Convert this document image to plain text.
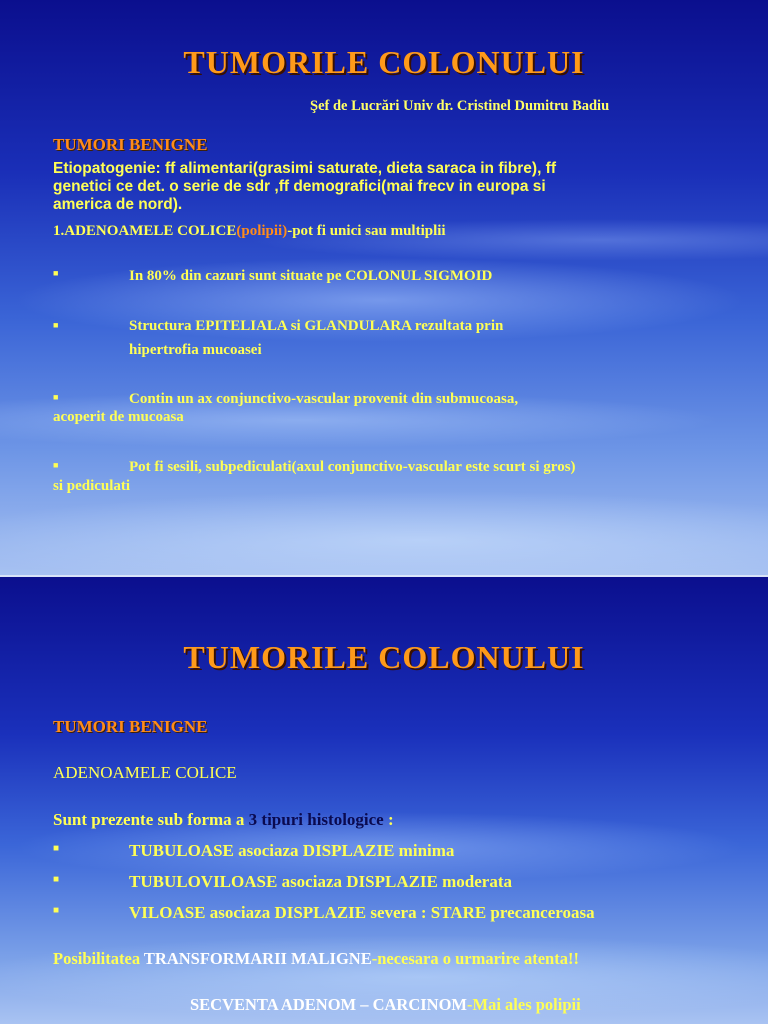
TUMORILE COLONULUI
Şef de Lucrări Univ dr. Cristinel Dumitru Badiu
TUMORI BENIGNE
Etiopatogenie: ff alimentari(grasimi saturate, dieta saraca in fibre), ff
genetici ce det. o serie de sdr ,ff demografici(mai frecv in europa si
america de nord).
1.ADENOAMELE COLICE(polipii)-pot fi unici sau multiplii
■	In 80% din cazuri sunt situate pe COLONUL SIGMOID
■	Structura EPITELIALA si GLANDULARA rezultata prin
hipertrofia mucoasei
■	Contin un ax conjunctivo-vascular provenit din submucoasa,
acoperit de mucoasa
■	Pot fi sesili, subpediculati(axul conjunctivo-vascular este scurt si gros)
si pediculati
TUMORILE COLONULUI
TUMORI BENIGNE
ADENOAMELE COLICE
Sunt prezente sub forma a 3 tipuri histologice :
■	TUBULOASE asociaza DISPLAZIE minima
■	TUBULOVILOASE asociaza DISPLAZIE moderata
■	VILOASE asociaza DISPLAZIE severa : STARE precanceroasa
Posibilitatea TRANSFORMARII MALIGNE-necesara o urmarire atenta!!
SECVENTA ADENOM – CARCINOM-Mai ales polipii
